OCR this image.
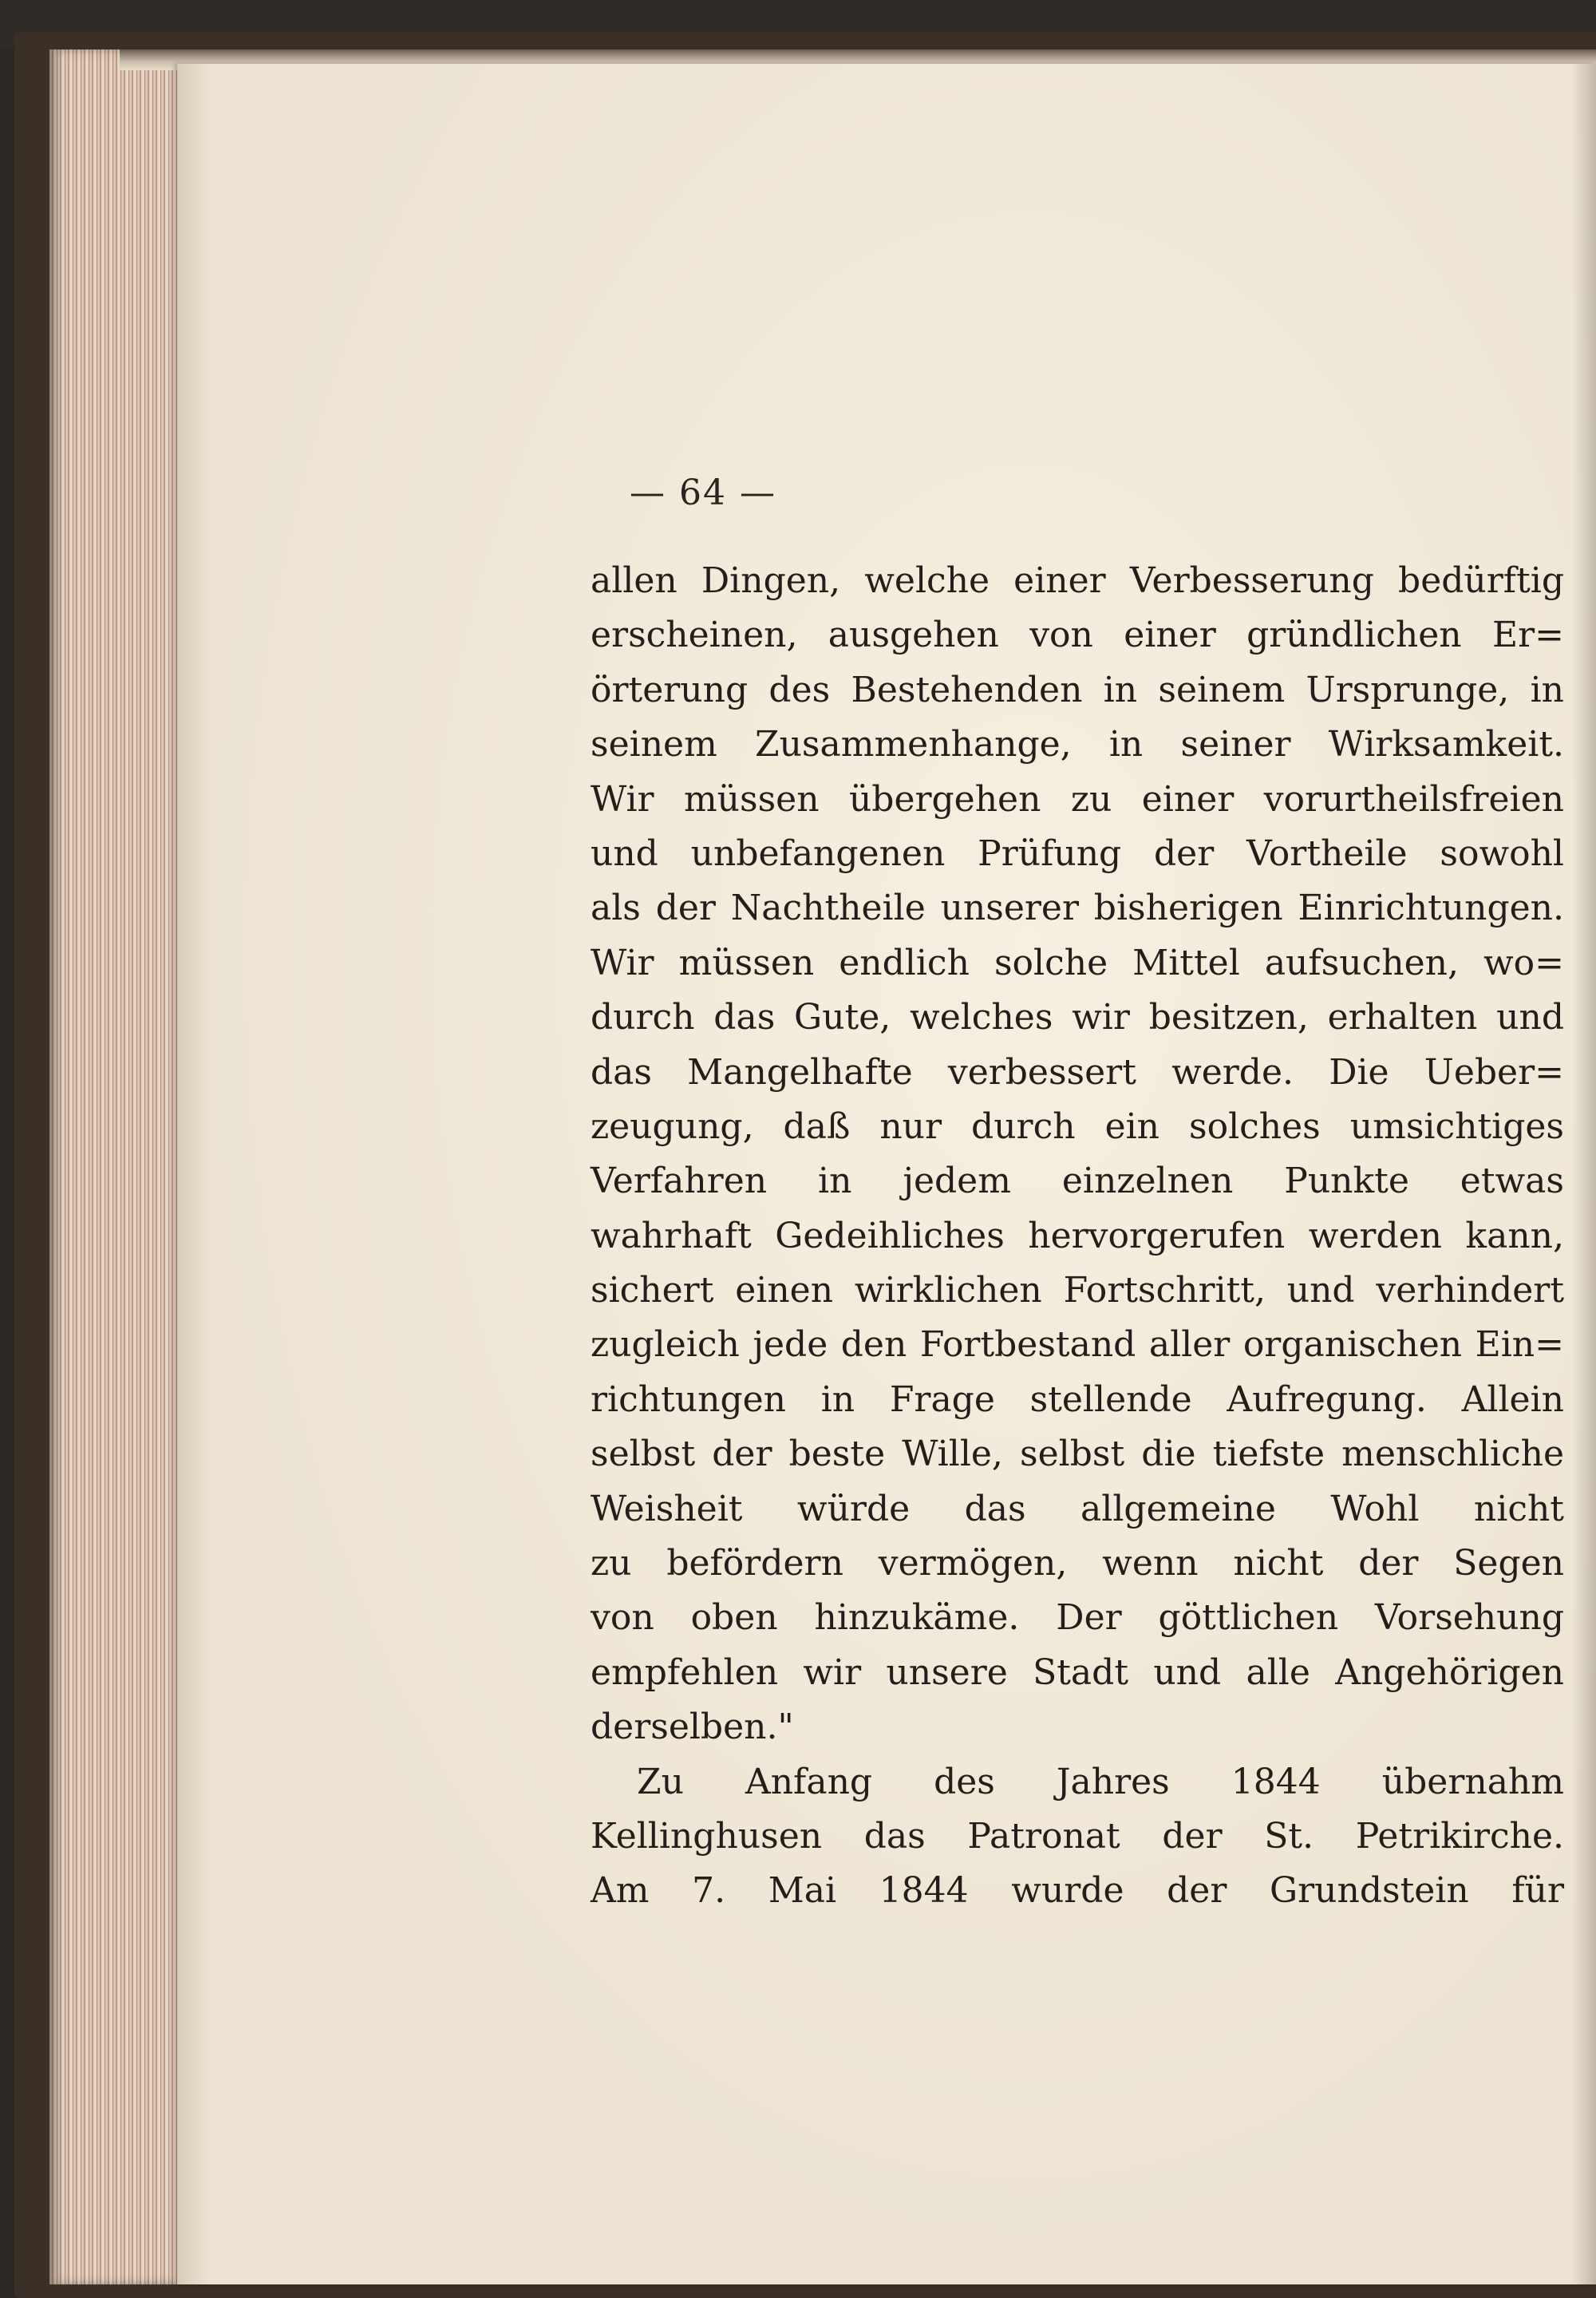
— 64 —
allen Dingen, welche einer Verbesserung bedürftig
erscheinen, ausgehen von einer gründlichen Er=
örterung des Bestehenden in seinem Ursprunge, in
seinem Zusammenhange, in seiner Wirksamkeit.
Wir müssen übergehen zu einer vorurtheilsfreien
und unbefangenen Prüfung der Vortheile sowohl
als der Nachtheile unserer bisherigen Einrichtungen.
Wir müssen endlich solche Mittel aufsuchen, wo=
durch das Gute, welches wir besitzen, erhalten und
das Mangelhafte verbessert werde. Die Ueber=
zeugung, daß nur durch ein solches umsichtiges
Verfahren in jedem einzelnen Punkte etwas
wahrhaft Gedeihliches hervorgerufen werden kann,
sichert einen wirklichen Fortschritt, und verhindert
zugleich jede den Fortbestand aller organischen Ein=
richtungen in Frage stellende Aufregung. Allein
selbst der beste Wille, selbst die tiefste menschliche
Weisheit würde das allgemeine Wohl nicht
zu befördern vermögen, wenn nicht der Segen
von oben hinzukäme. Der göttlichen Vorsehung
empfehlen wir unsere Stadt und alle Angehörigen
derselben."
Zu Anfang des Jahres 1844 übernahm
Kellinghusen das Patronat der St. Petrikirche.
Am 7. Mai 1844 wurde der Grundstein für
